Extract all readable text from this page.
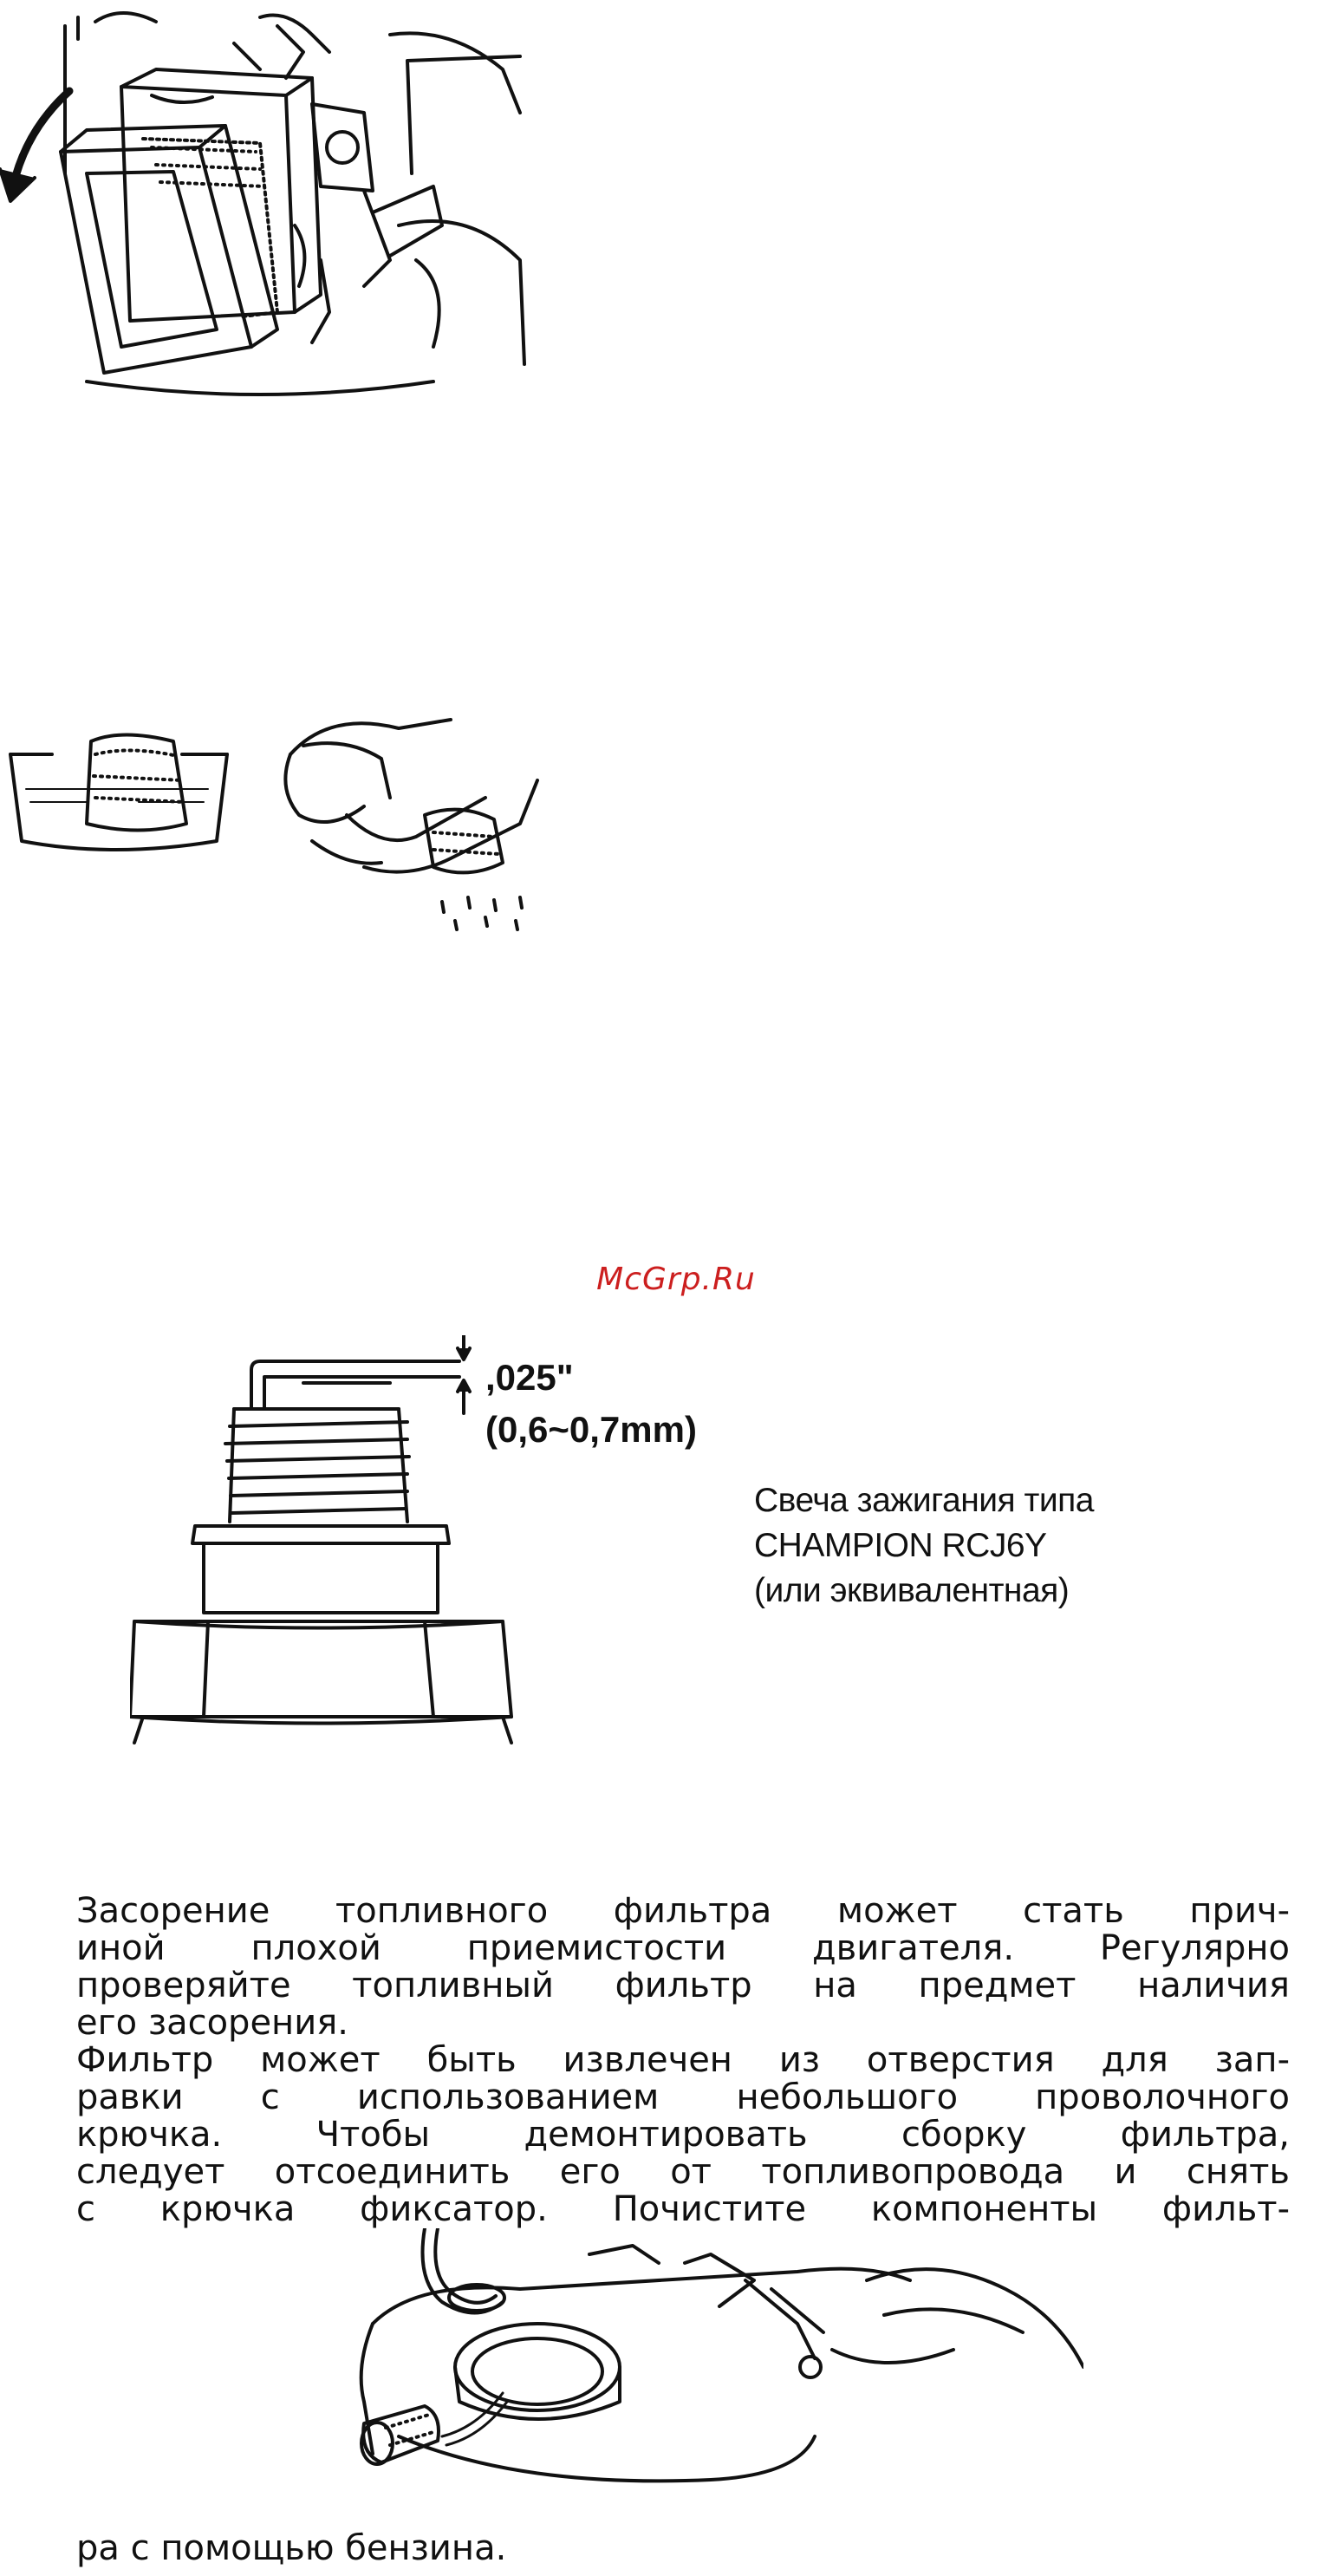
McGrp.Ru
,025"
(0,6~0,7mm)
Свеча зажигания типа
CHAMPION RCJ6Y
(или эквивалентная)
Засорение топливного фильтра может стать прич-
иной плохой приемистости двигателя. Регулярно
проверяйте топливный фильтр на предмет наличия
его засорения.
Фильтр может быть извлечен из отверстия для зап-
равки с использованием небольшого проволочного
крючка. Чтобы демонтировать сборку фильтра,
следует отсоединить его от топливопровода и снять
с крючка фиксатор. Почистите компоненты фильт-
ра с помощью бензина.
